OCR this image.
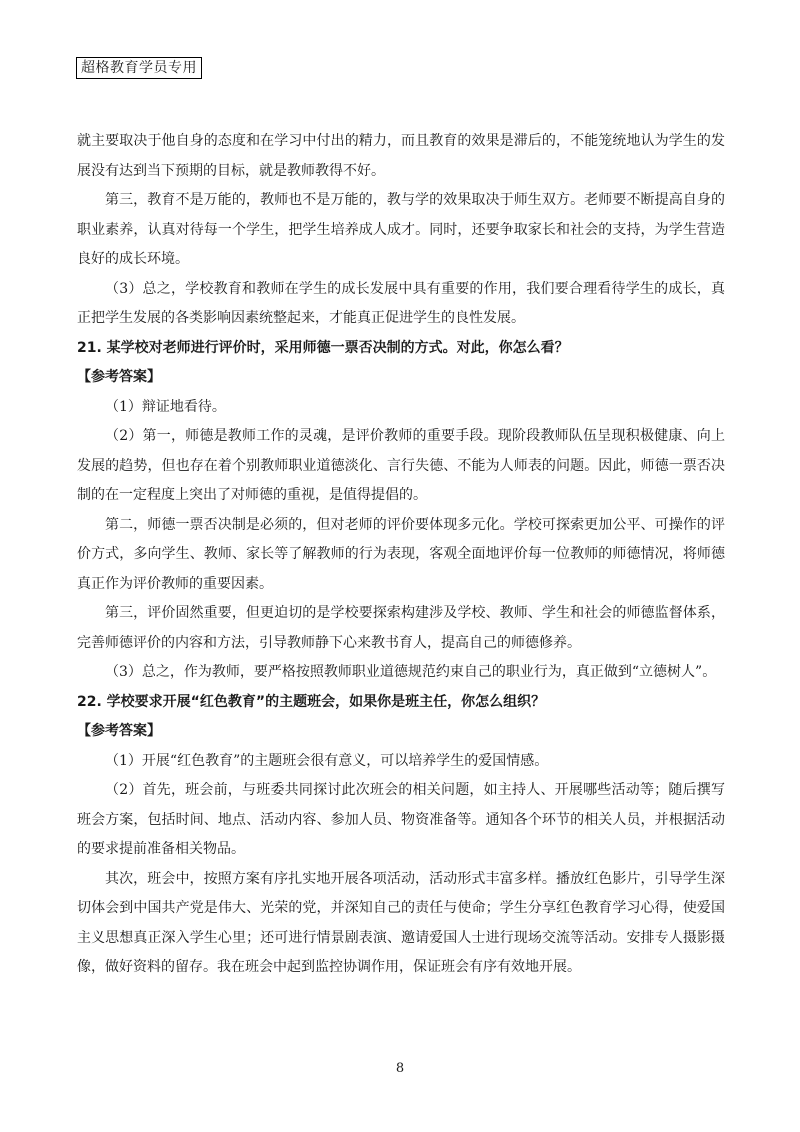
超格教育学员专用

就主要取决于他自身的态度和在学习中付出的精力，而且教育的效果是滞后的，不能笼统地认为学生的发展没有达到当下预期的目标，就是教师教得不好。

第三，教育不是万能的，教师也不是万能的，教与学的效果取决于师生双方。老师要不断提高自身的职业素养，认真对待每一个学生，把学生培养成人成才。同时，还要争取家长和社会的支持，为学生营造良好的成长环境。

（3）总之，学校教育和教师在学生的成长发展中具有重要的作用，我们要合理看待学生的成长，真正把学生发展的各类影响因素统整起来，才能真正促进学生的良性发展。

21. 某学校对老师进行评价时，采用师德一票否决制的方式。对此，你怎么看？

【参考答案】

（1）辩证地看待。

（2）第一，师德是教师工作的灵魂，是评价教师的重要手段。现阶段教师队伍呈现积极健康、向上发展的趋势，但也存在着个别教师职业道德淡化、言行失德、不能为人师表的问题。因此，师德一票否决制的在一定程度上突出了对师德的重视，是值得提倡的。

第二，师德一票否决制是必须的，但对老师的评价要体现多元化。学校可探索更加公平、可操作的评价方式，多向学生、教师、家长等了解教师的行为表现，客观全面地评价每一位教师的师德情况，将师德真正作为评价教师的重要因素。

第三，评价固然重要，但更迫切的是学校要探索构建涉及学校、教师、学生和社会的师德监督体系，完善师德评价的内容和方法，引导教师静下心来教书育人，提高自己的师德修养。

（3）总之，作为教师，要严格按照教师职业道德规范约束自己的职业行为，真正做到“立德树人”。

22. 学校要求开展“红色教育”的主题班会，如果你是班主任，你怎么组织？

【参考答案】

（1）开展“红色教育”的主题班会很有意义，可以培养学生的爱国情感。

（2）首先，班会前，与班委共同探讨此次班会的相关问题，如主持人、开展哪些活动等；随后撰写班会方案，包括时间、地点、活动内容、参加人员、物资准备等。通知各个环节的相关人员，并根据活动的要求提前准备相关物品。

其次，班会中，按照方案有序扎实地开展各项活动，活动形式丰富多样。播放红色影片，引导学生深切体会到中国共产党是伟大、光荣的党，并深知自己的责任与使命；学生分享红色教育学习心得，使爱国主义思想真正深入学生心里；还可进行情景剧表演、邀请爱国人士进行现场交流等活动。安排专人摄影摄像，做好资料的留存。我在班会中起到监控协调作用，保证班会有序有效地开展。

8
